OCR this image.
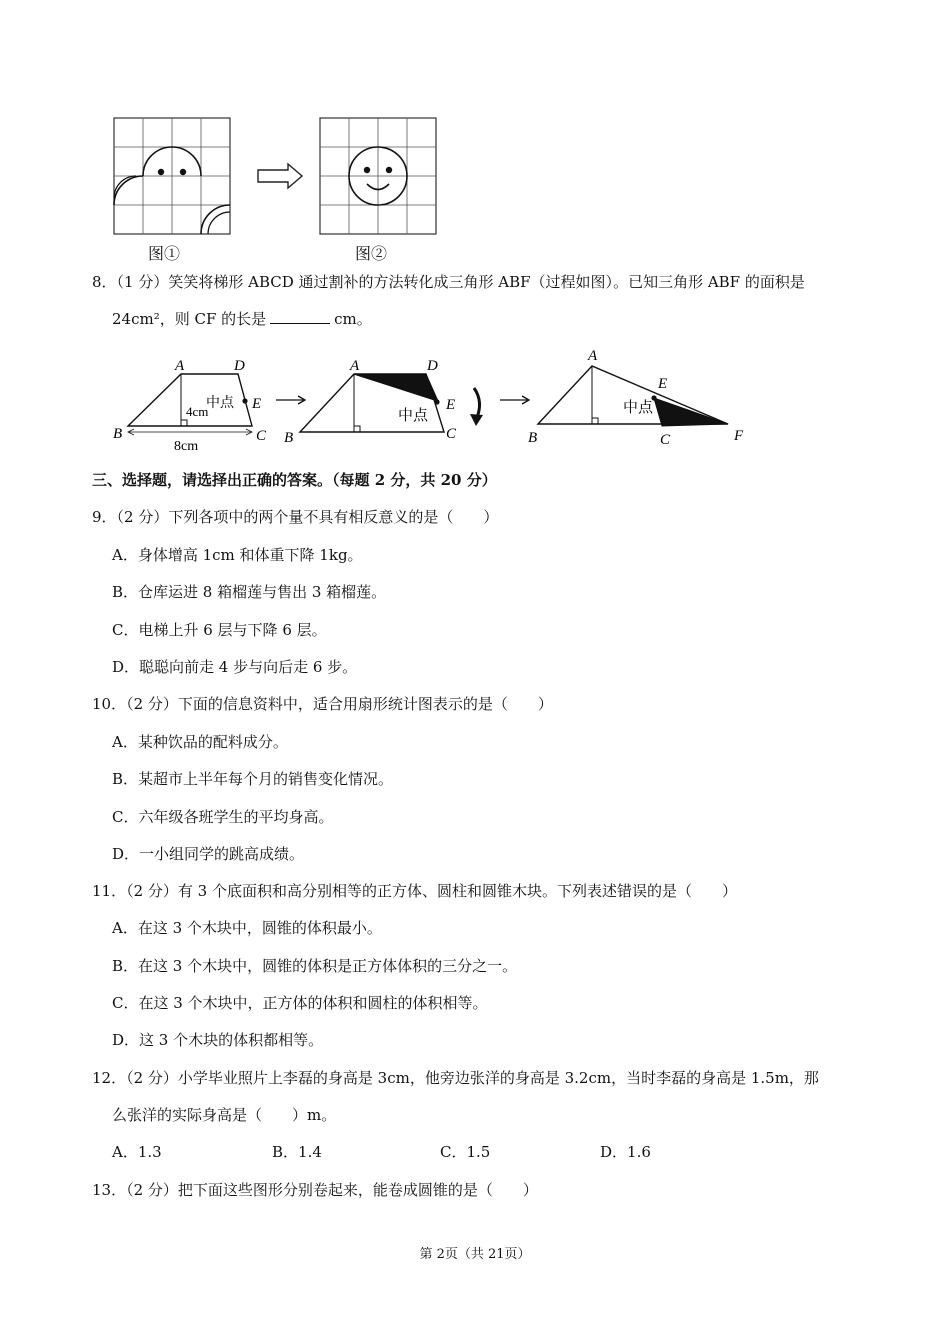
图①	图②
8．（1 分）笑笑将梯形 ABCD 通过割补的方法转化成三角形 ABF（过程如图）。已知三角形 ABF 的面积是
24cm²，则 CF 的长是	cm。
A	D
B	C
E
中点
4cm
8cm
A	D
B	C
E
中点
A
E
B	C	F
中点
三、选择题，请选择出正确的答案。（每题 2 分，共 20 分）
9．（2 分）下列各项中的两个量不具有相反意义的是（　　）
A．身体增高 1cm 和体重下降 1kg。
B．仓库运进 8 箱榴莲与售出 3 箱榴莲。
C．电梯上升 6 层与下降 6 层。
D．聪聪向前走 4 步与向后走 6 步。
10．（2 分）下面的信息资料中，适合用扇形统计图表示的是（　　）
A．某种饮品的配料成分。
B．某超市上半年每个月的销售变化情况。
C．六年级各班学生的平均身高。
D．一小组同学的跳高成绩。
11．（2 分）有 3 个底面积和高分别相等的正方体、圆柱和圆锥木块。下列表述错误的是（　　）
A．在这 3 个木块中，圆锥的体积最小。
B．在这 3 个木块中，圆锥的体积是正方体体积的三分之一。
C．在这 3 个木块中，正方体的体积和圆柱的体积相等。
D．这 3 个木块的体积都相等。
12．（2 分）小学毕业照片上李磊的身高是 3cm，他旁边张洋的身高是 3.2cm，当时李磊的身高是 1.5m，那
么张洋的实际身高是（　　）m。
A．1.3	B．1.4	C．1.5	D．1.6
13．（2 分）把下面这些图形分别卷起来，能卷成圆锥的是（　　）
第 2页（共 21页）
